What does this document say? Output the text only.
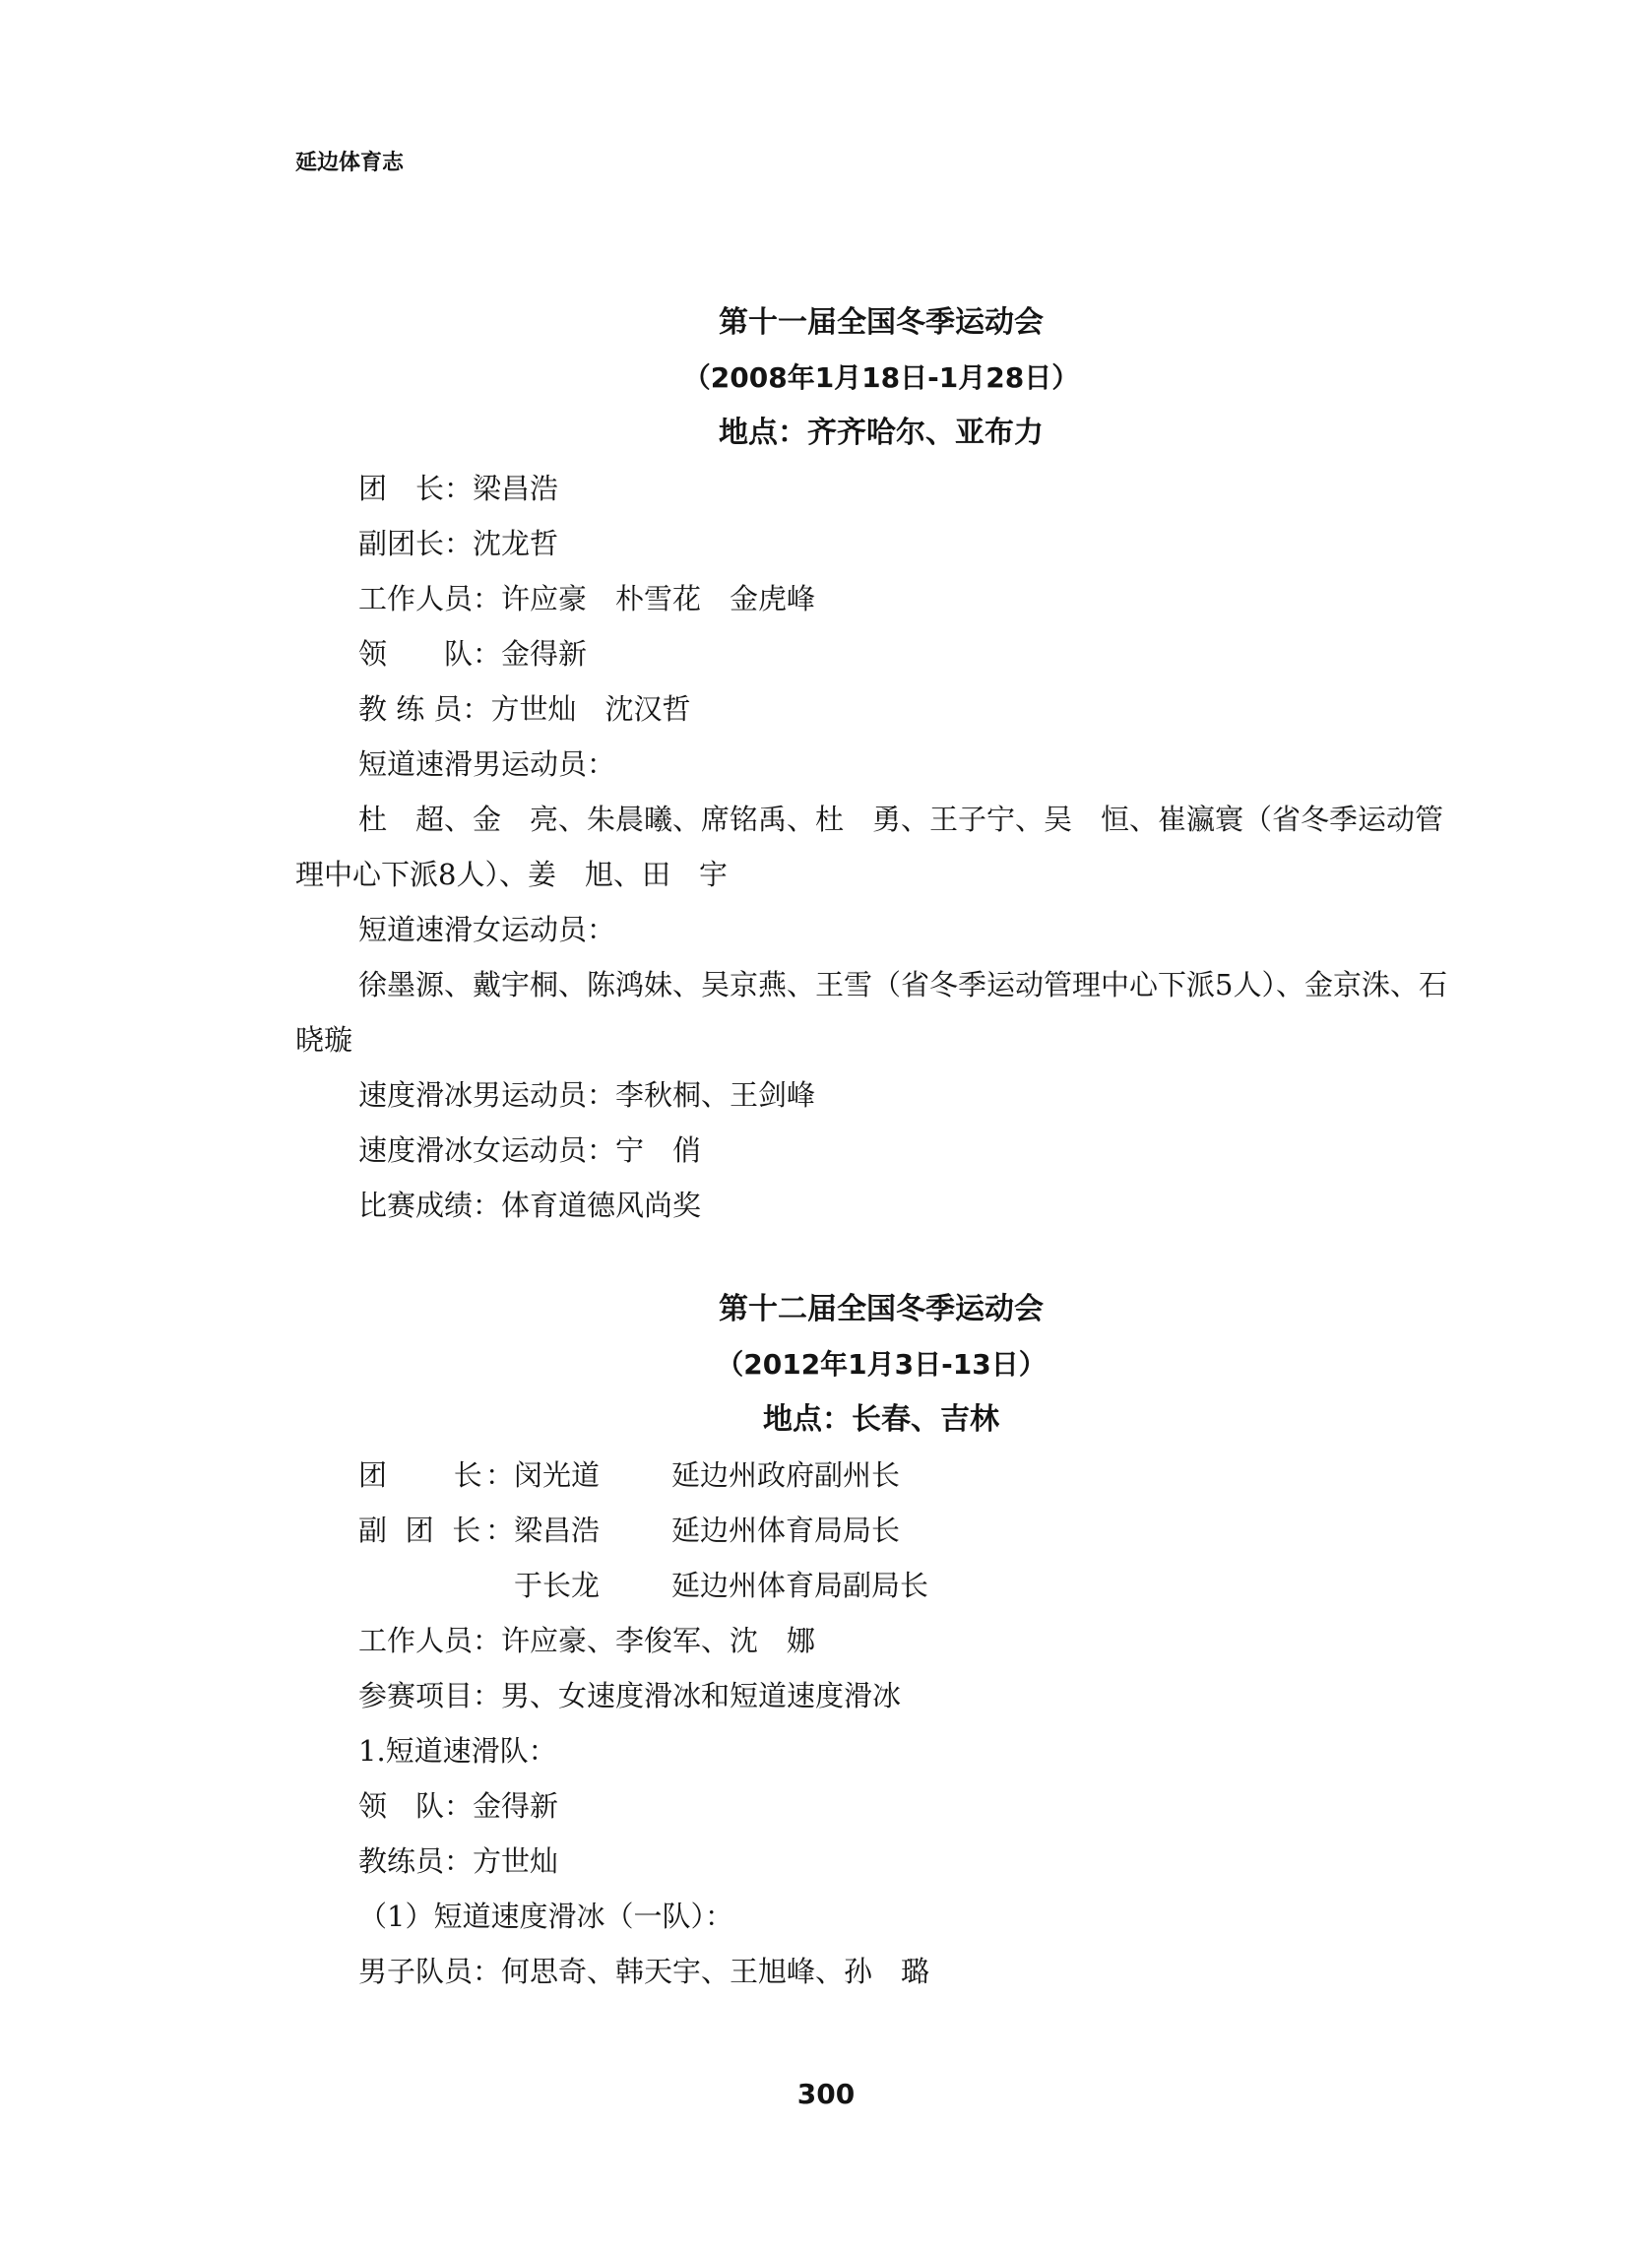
延边体育志
第十一届全国冬季运动会
（2008年1月18日-1月28日）
地点：齐齐哈尔、亚布力
团　长：梁昌浩
副团长：沈龙哲
工作人员：许应豪　朴雪花　金虎峰
领　　队：金得新
教 练 员：方世灿　沈汉哲
短道速滑男运动员：
杜　超、金　亮、朱晨曦、席铭禹、杜　勇、王子宁、吴　恒、崔瀛寰（省冬季运动管理中心下派8人）、姜　旭、田　宇
短道速滑女运动员：
徐墨源、戴宇桐、陈鸿妹、吴京燕、王雪（省冬季运动管理中心下派5人）、金京洙、石晓璇
速度滑冰男运动员：李秋桐、王剑峰
速度滑冰女运动员：宁　俏
比赛成绩：体育道德风尚奖
第十二届全国冬季运动会
（2012年1月3日-13日）
地点：长春、吉林
团　　长：闵光道	延边州政府副州长
副 团 长：梁昌浩	延边州体育局局长
于长龙	延边州体育局副局长
工作人员：许应豪、李俊军、沈　娜
参赛项目：男、女速度滑冰和短道速度滑冰
1.短道速滑队：
领　队：金得新
教练员：方世灿
（1）短道速度滑冰（一队）：
男子队员：何思奇、韩天宇、王旭峰、孙　璐
300
